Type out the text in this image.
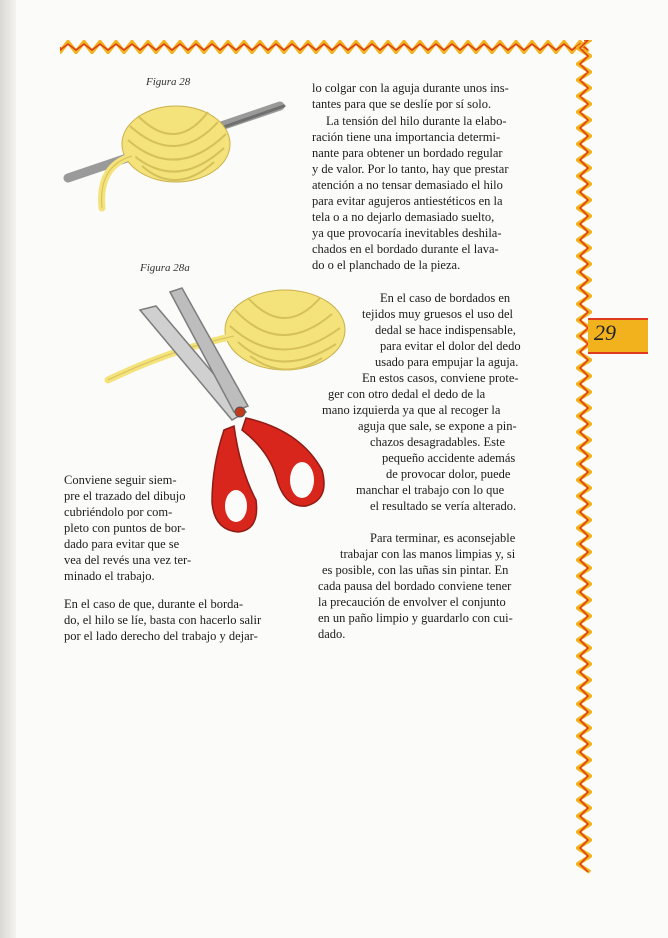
29
Figura 28
Figura 28a

Conviene seguir siem-

pre el trazado del dibujo

cubriéndolo por com-

pleto con puntos de bor-

dado para evitar que se

vea del revés una vez ter-

minado el trabajo.

En el caso de que, durante el borda-

do, el hilo se líe, basta con hacerlo salir

por el lado derecho del trabajo y dejar-

lo colgar con la aguja durante unos ins-

tantes para que se deslíe por sí solo.

La tensión del hilo durante la elabo-

ración tiene una importancia determi-

nante para obtener un bordado regular

y de valor. Por lo tanto, hay que prestar

atención a no tensar demasiado el hilo

para evitar agujeros antiestéticos en la

tela o a no dejarlo demasiado suelto,

ya que provocaría inevitables deshila-

chados en el bordado durante el lava-

do o el planchado de la pieza.

En el caso de bordados en

tejidos muy gruesos el uso del

dedal se hace indispensable,

para evitar el dolor del dedo

usado para empujar la aguja.

En estos casos, conviene prote-

ger con otro dedal el dedo de la

mano izquierda ya que al recoger la

aguja que sale, se expone a pin-

chazos desagradables. Este

pequeño accidente además

de provocar dolor, puede

manchar el trabajo con lo que

el resultado se vería alterado.

Para terminar, es aconsejable

trabajar con las manos limpias y, si

es posible, con las uñas sin pintar. En

cada pausa del bordado conviene tener

la precaución de envolver el conjunto

en un paño limpio y guardarlo con cui-

dado.
